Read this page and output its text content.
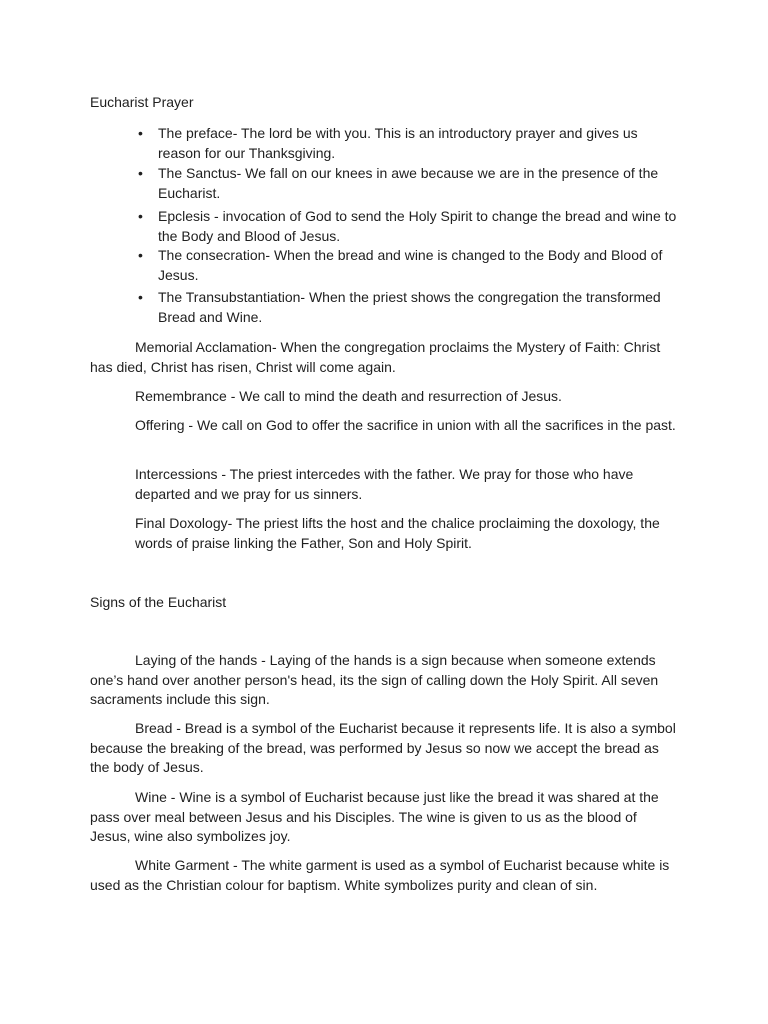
Eucharist Prayer
• The preface- The lord be with you. This is an introductory prayer and gives us reason for our Thanksgiving.
• The Sanctus- We fall on our knees in awe because we are in the presence of the Eucharist.
• Epclesis - invocation of God to send the Holy Spirit to change the bread and wine to the Body and Blood of Jesus.
• The consecration- When the bread and wine is changed to the Body and Blood of Jesus.
• The Transubstantiation- When the priest shows the congregation the transformed Bread and Wine.

Memorial Acclamation- When the congregation proclaims the Mystery of Faith: Christ has died, Christ has risen, Christ will come again.

Remembrance - We call to mind the death and resurrection of Jesus.

Offering - We call on God to offer the sacrifice in union with all the sacrifices in the past.

Intercessions - The priest intercedes with the father. We pray for those who have departed and we pray for us sinners.

Final Doxology- The priest lifts the host and the chalice proclaiming the doxology, the words of praise linking the Father, Son and Holy Spirit.

Signs of the Eucharist

Laying of the hands - Laying of the hands is a sign because when someone extends one’s hand over another person's head, its the sign of calling down the Holy Spirit. All seven sacraments include this sign.

Bread - Bread is a symbol of the Eucharist because it represents life. It is also a symbol because the breaking of the bread, was performed by Jesus so now we accept the bread as the body of Jesus.

Wine - Wine is a symbol of Eucharist because just like the bread it was shared at the pass over meal between Jesus and his Disciples. The wine is given to us as the blood of Jesus, wine also symbolizes joy.

White Garment - The white garment is used as a symbol of Eucharist because white is used as the Christian colour for baptism. White symbolizes purity and clean of sin.
